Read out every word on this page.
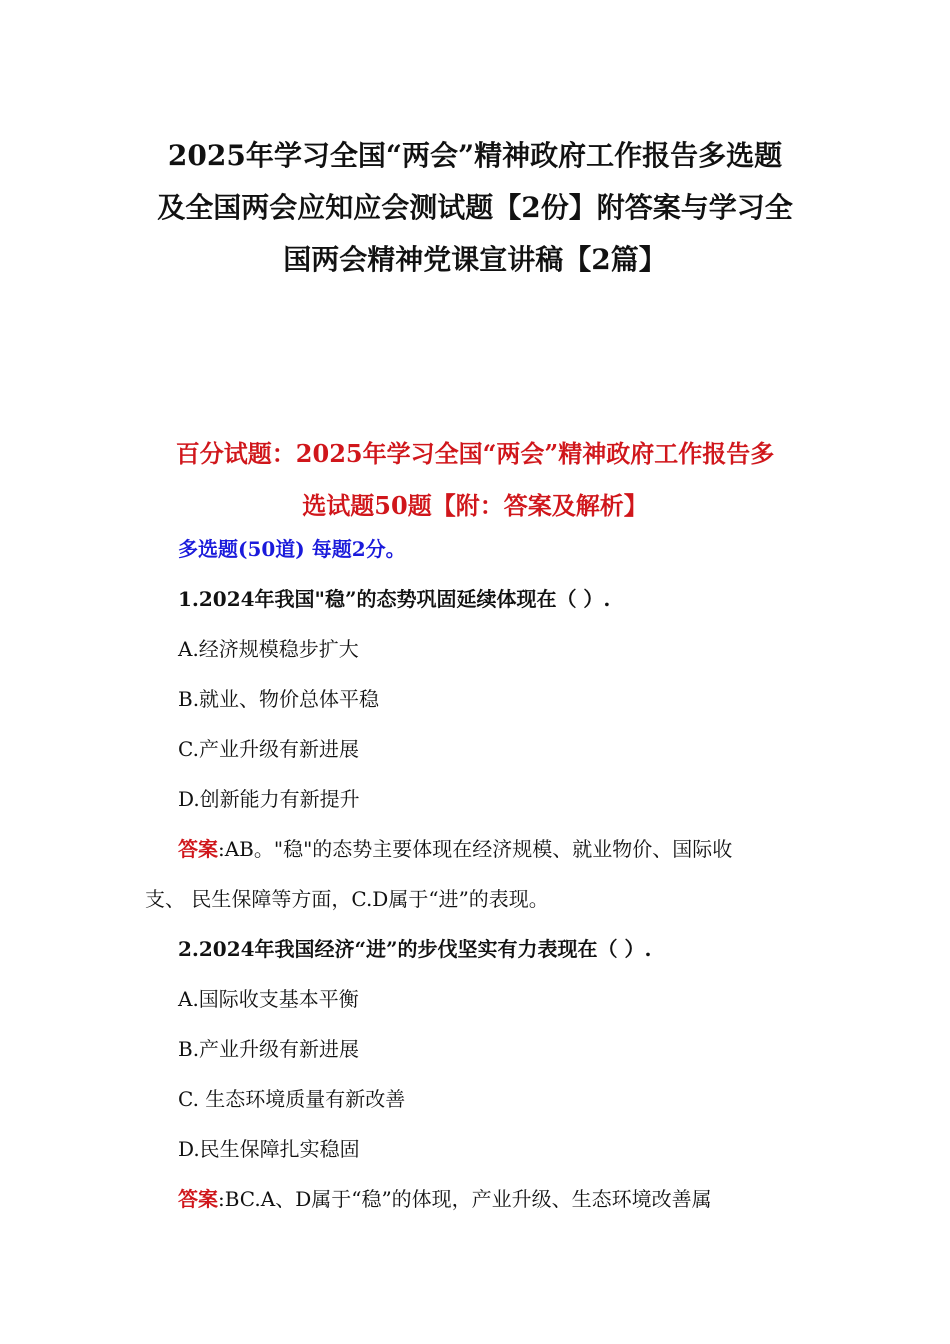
2025年学习全国“两会”精神政府工作报告多选题
及全国两会应知应会测试题【2份】附答案与学习全
国两会精神党课宣讲稿【2篇】
百分试题：2025年学习全国“两会”精神政府工作报告多
选试题50题【附：答案及解析】
多选题(50道) 每题2分。
1.2024年我国"稳”的态势巩固延续体现在（ ）.
A.经济规模稳步扩大
B.就业、物价总体平稳
C.产业升级有新进展
D.创新能力有新提升
答案:AB。"稳"的态势主要体现在经济规模、就业物价、国际收
支、 民生保障等方面，C.D属于“进”的表现。
2.2024年我国经济“进”的步伐坚实有力表现在（ ）.
A.国际收支基本平衡
B.产业升级有新进展
C. 生态环境质量有新改善
D.民生保障扎实稳固
答案:BC.A、D属于“稳”的体现，产业升级、生态环境改善属
